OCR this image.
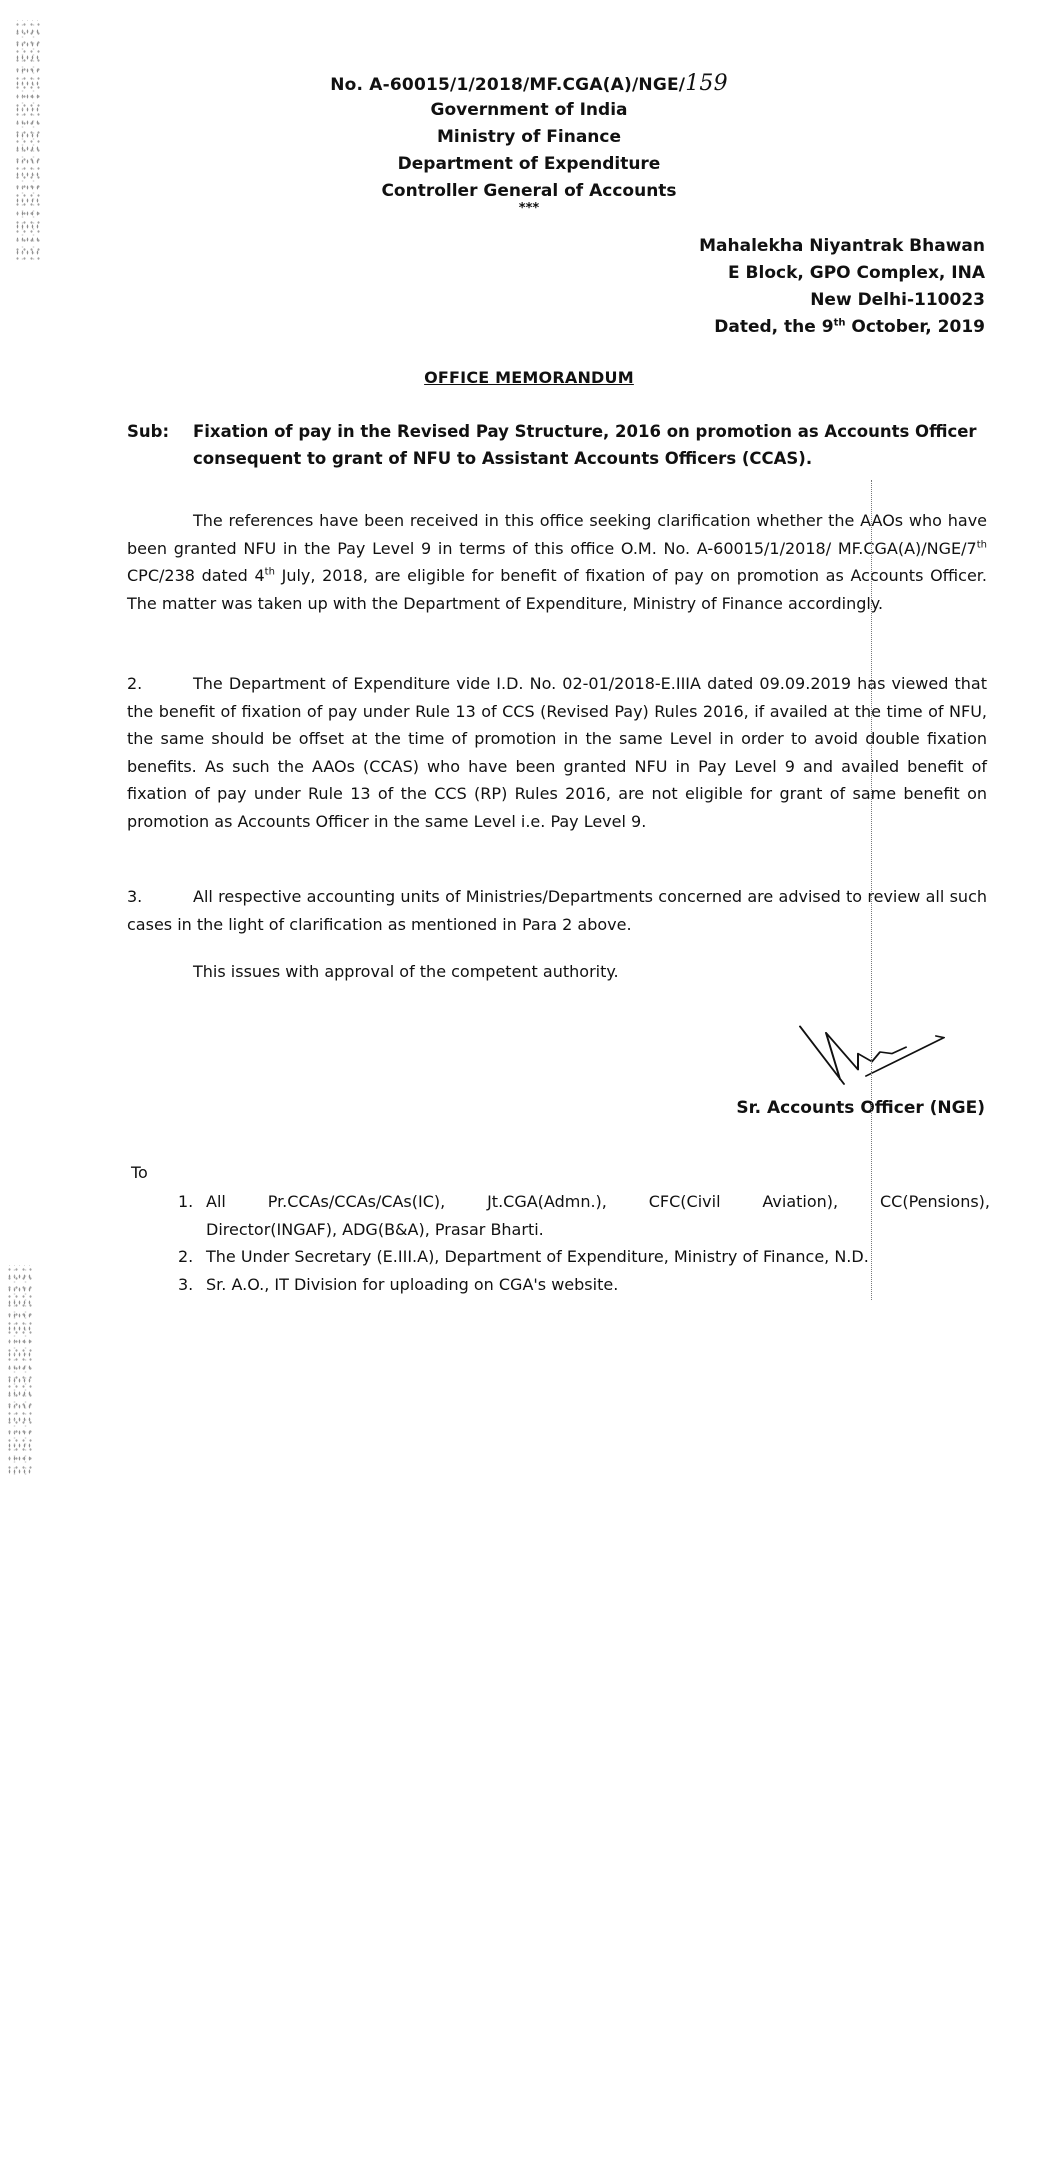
No. A-60015/1/2018/MF.CGA(A)/NGE/159
Government of India
Ministry of Finance
Department of Expenditure
Controller General of Accounts
***
Mahalekha Niyantrak Bhawan
E Block, GPO Complex, INA
New Delhi-110023
Dated, the 9th October, 2019
OFFICE MEMORANDUM
Sub: Fixation of pay in the Revised Pay Structure, 2016 on promotion as Accounts Officer consequent to grant of NFU to Assistant Accounts Officers (CCAS).
The references have been received in this office seeking clarification whether the AAOs who have been granted NFU in the Pay Level 9 in terms of this office O.M. No. A-60015/1/2018/ MF.CGA(A)/NGE/7th CPC/238 dated 4th July, 2018, are eligible for benefit of fixation of pay on promotion as Accounts Officer. The matter was taken up with the Department of Expenditure, Ministry of Finance accordingly.
2.	The Department of Expenditure vide I.D. No. 02-01/2018-E.IIIA dated 09.09.2019 has viewed that the benefit of fixation of pay under Rule 13 of CCS (Revised Pay) Rules 2016, if availed at the time of NFU, the same should be offset at the time of promotion in the same Level in order to avoid double fixation benefits. As such the AAOs (CCAS) who have been granted NFU in Pay Level 9 and availed benefit of fixation of pay under Rule 13 of the CCS (RP) Rules 2016, are not eligible for grant of same benefit on promotion as Accounts Officer in the same Level i.e. Pay Level 9.
3.	All respective accounting units of Ministries/Departments concerned are advised to review all such cases in the light of clarification as mentioned in Para 2 above.
This issues with approval of the competent authority.
Sr. Accounts Officer (NGE)
To
1. All Pr.CCAs/CCAs/CAs(IC), Jt.CGA(Admn.), CFC(Civil Aviation), CC(Pensions),
Director(INGAF), ADG(B&A), Prasar Bharti.
2. The Under Secretary (E.III.A), Department of Expenditure, Ministry of Finance, N.D.
3. Sr. A.O., IT Division for uploading on CGA's website.
